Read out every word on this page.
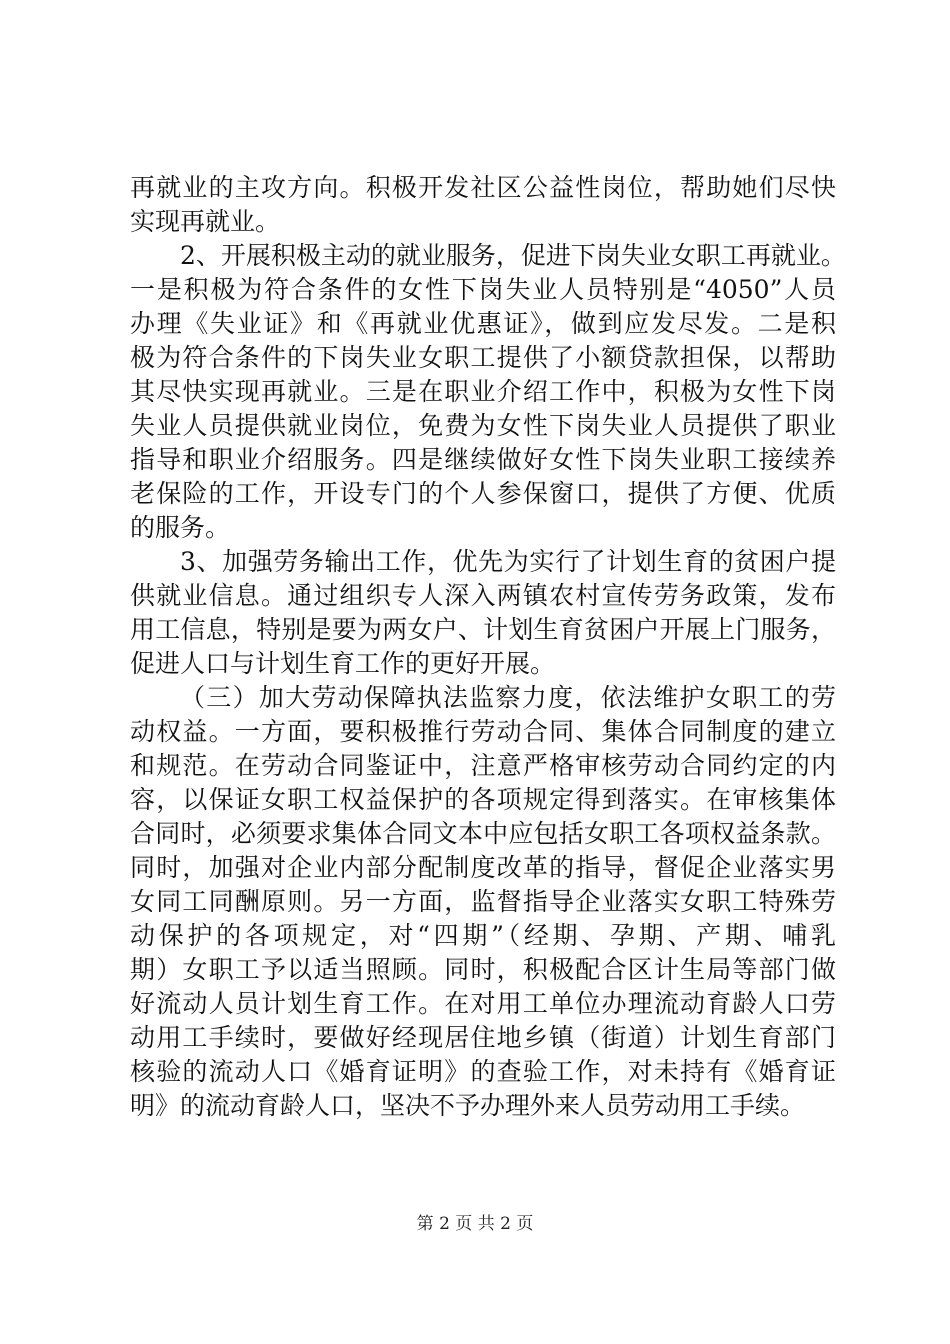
再就业的主攻方向。积极开发社区公益性岗位，帮助她们尽快
实现再就业。
2、开展积极主动的就业服务，促进下岗失业女职工再就业。
一是积极为符合条件的女性下岗失业人员特别是“4050”人员
办理《失业证》和《再就业优惠证》，做到应发尽发。二是积
极为符合条件的下岗失业女职工提供了小额贷款担保，以帮助
其尽快实现再就业。三是在职业介绍工作中，积极为女性下岗
失业人员提供就业岗位，免费为女性下岗失业人员提供了职业
指导和职业介绍服务。四是继续做好女性下岗失业职工接续养
老保险的工作，开设专门的个人参保窗口，提供了方便、优质
的服务。
3、加强劳务输出工作，优先为实行了计划生育的贫困户提
供就业信息。通过组织专人深入两镇农村宣传劳务政策，发布
用工信息，特别是要为两女户、计划生育贫困户开展上门服务，
促进人口与计划生育工作的更好开展。
（三）加大劳动保障执法监察力度，依法维护女职工的劳
动权益。一方面，要积极推行劳动合同、集体合同制度的建立
和规范。在劳动合同鉴证中，注意严格审核劳动合同约定的内
容，以保证女职工权益保护的各项规定得到落实。在审核集体
合同时，必须要求集体合同文本中应包括女职工各项权益条款。
同时，加强对企业内部分配制度改革的指导，督促企业落实男
女同工同酬原则。另一方面，监督指导企业落实女职工特殊劳
动保护的各项规定，对“四期”（经期、孕期、产期、哺乳
期）女职工予以适当照顾。同时，积极配合区计生局等部门做
好流动人员计划生育工作。在对用工单位办理流动育龄人口劳
动用工手续时，要做好经现居住地乡镇（街道）计划生育部门
核验的流动人口《婚育证明》的查验工作，对未持有《婚育证
明》的流动育龄人口，坚决不予办理外来人员劳动用工手续。
第 2 页 共 2 页
